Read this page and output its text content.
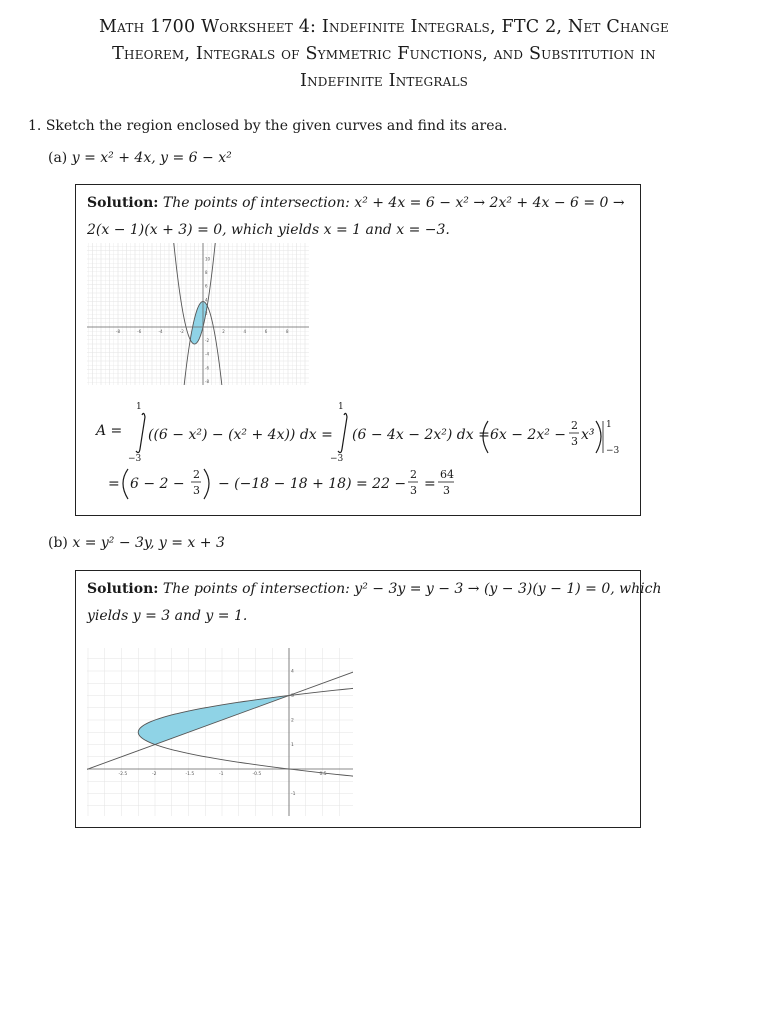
Math 1700 Worksheet 4: Indefinite Integrals, FTC 2, Net Change
Theorem, Integrals of Symmetric Functions, and Substitution in
Indefinite Integrals
1. Sketch the region enclosed by the given curves and find its area.
(a) y = x² + 4x, y = 6 − x²
Solution: The points of intersection: x² + 4x = 6 − x² → 2x² + 4x − 6 = 0 →
2(x − 1)(x + 3) = 0, which yields x = 1 and x = −3.
-8	-6	-4	-2	2	4	6	8
10
8
6
4
2
-2
-4
-6
-8
A =
1
−3
((6 − x²) − (x² + 4x)) dx =
1
−3
(6 − 4x − 2x²) dx = 6x − 2x² −
2
3 x³
1
−3
= 6 − 2 −
2
3 − (−18 − 18 + 18) = 22 −
2
3 =
64
3
(b) x = y² − 3y, y = x + 3
Solution: The points of intersection: y² − 3y = y − 3 → (y − 3)(y − 1) = 0, which
yields y = 3 and y = 1.
-2.5	-2	-1.5	-1	-0.5	0.5
4
3
2
1
-1
